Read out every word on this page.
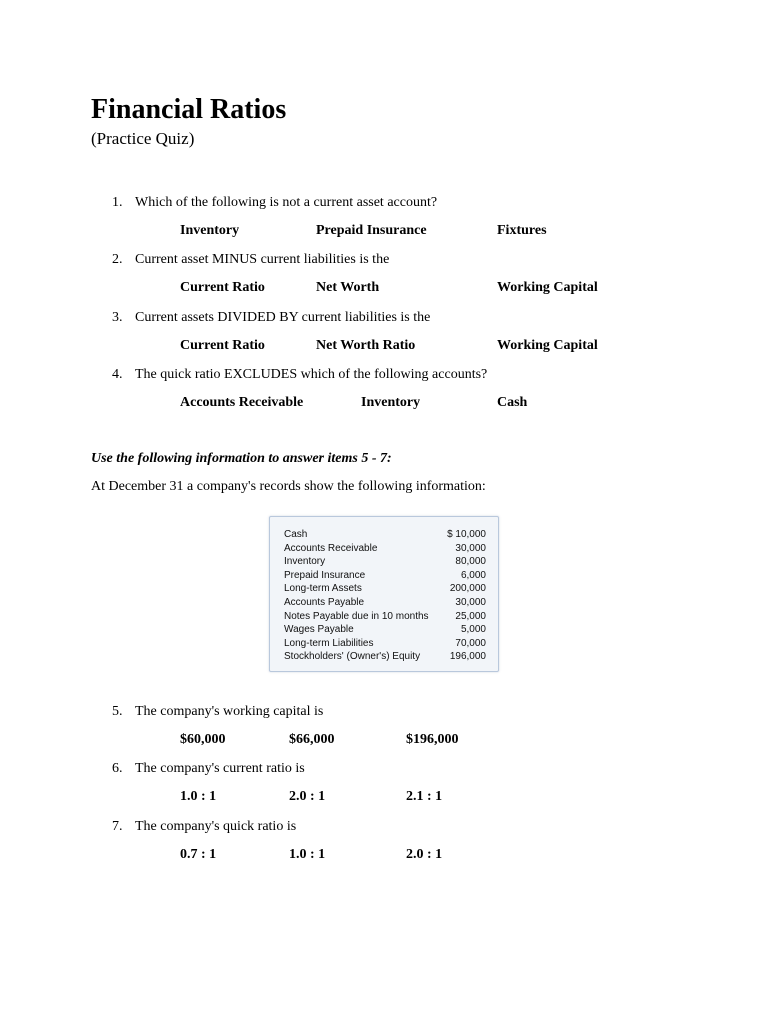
Financial Ratios
(Practice Quiz)
1. Which of the following is not a current asset account?
Inventory	Prepaid Insurance	Fixtures
2. Current asset MINUS current liabilities is the
Current Ratio	Net Worth	Working Capital
3. Current assets DIVIDED BY current liabilities is the
Current Ratio	Net Worth Ratio	Working Capital
4. The quick ratio EXCLUDES which of the following accounts?
Accounts Receivable	Inventory	Cash
Use the following information to answer items 5 - 7:
At December 31 a company's records show the following information:
Cash	$ 10,000
Accounts Receivable	30,000
Inventory	80,000
Prepaid Insurance	6,000
Long-term Assets	200,000
Accounts Payable	30,000
Notes Payable due in 10 months	25,000
Wages Payable	5,000
Long-term Liabilities	70,000
Stockholders' (Owner's) Equity	196,000
5. The company's working capital is
$60,000	$66,000	$196,000
6. The company's current ratio is
1.0 : 1	2.0 : 1	2.1 : 1
7. The company's quick ratio is
0.7 : 1	1.0 : 1	2.0 : 1
